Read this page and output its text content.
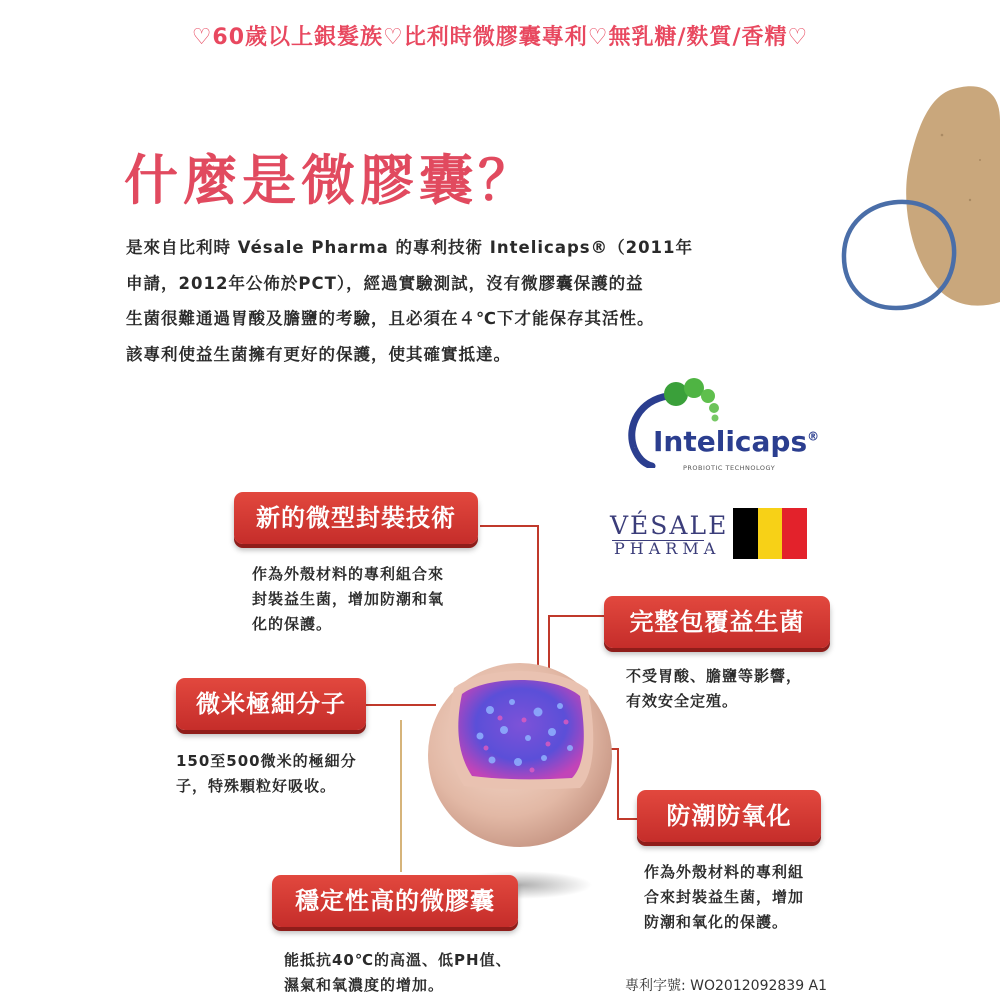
♡60歲以上銀髮族♡比利時微膠囊專利♡無乳糖/麩質/香精♡
什麼是微膠囊？
是來自比利時 Vésale Pharma 的專利技術 Intelicaps®（2011年
申請，2012年公佈於PCT），經過實驗測試，沒有微膠囊保護的益
生菌很難通過胃酸及膽鹽的考驗，且必須在４℃下才能保存其活性。
該專利使益生菌擁有更好的保護，使其確實抵達。
Intelicaps®
PROBIOTIC TECHNOLOGY
VÉSALE
PHARMA
新的微型封裝技術
作為外殼材料的專利組合來
封裝益生菌，增加防潮和氧
化的保護。	完整包覆益生菌
不受胃酸、膽鹽等影響，
有效安全定殖。
微米極細分子
150至500微米的極細分
子，特殊顆粒好吸收。
防潮防氧化
作為外殼材料的專利組
合來封裝益生菌，增加
防潮和氧化的保護。
穩定性高的微膠囊
能抵抗40℃的高溫、低PH值、
濕氣和氧濃度的增加。	專利字號: WO2012092839 A1
